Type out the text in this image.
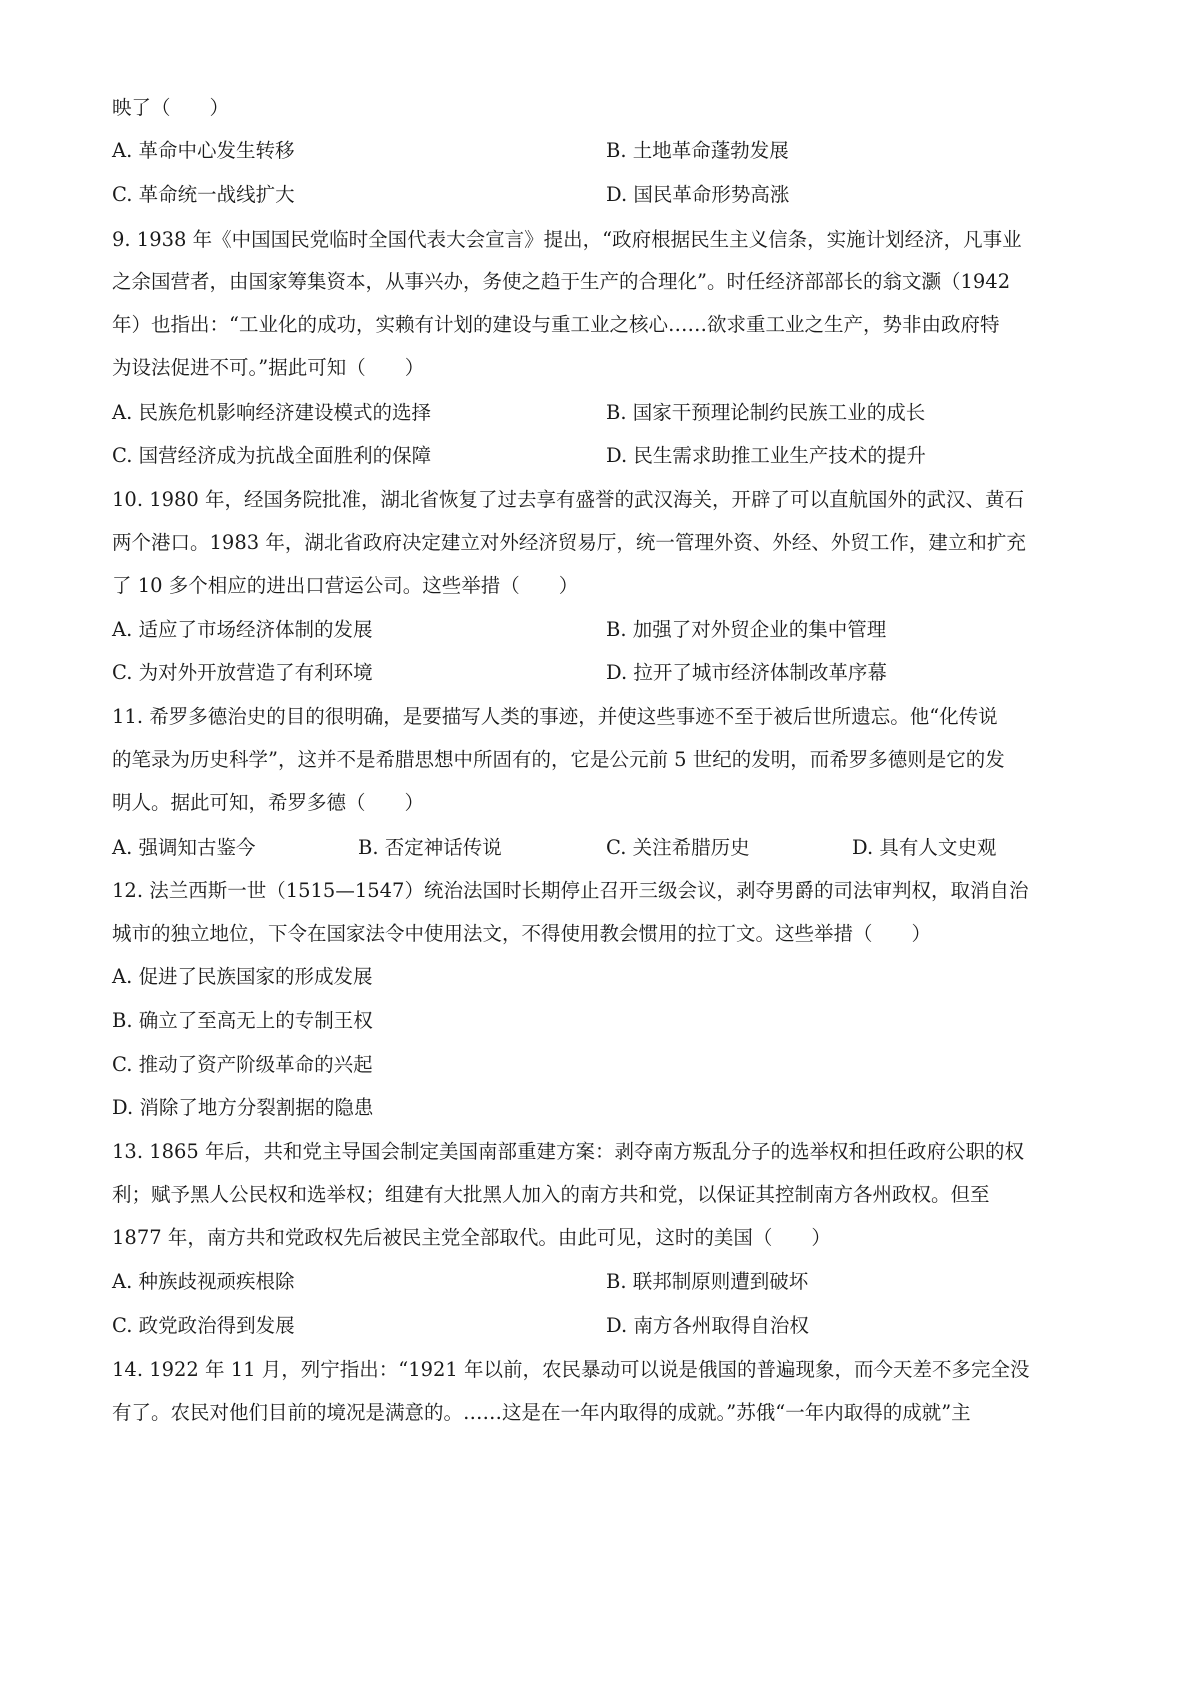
映了（　　）
A. 革命中心发生转移	B. 土地革命蓬勃发展
C. 革命统一战线扩大	D. 国民革命形势高涨
9. 1938 年《中国国民党临时全国代表大会宣言》提出，“政府根据民生主义信条，实施计划经济，凡事业
之余国营者，由国家筹集资本，从事兴办，务使之趋于生产的合理化”。时任经济部部长的翁文灏（1942
年）也指出：“工业化的成功，实赖有计划的建设与重工业之核心……欲求重工业之生产，势非由政府特
为设法促进不可。”据此可知（　　）
A. 民族危机影响经济建设模式的选择	B. 国家干预理论制约民族工业的成长
C. 国营经济成为抗战全面胜利的保障	D. 民生需求助推工业生产技术的提升
10. 1980 年，经国务院批准，湖北省恢复了过去享有盛誉的武汉海关，开辟了可以直航国外的武汉、黄石
两个港口。1983 年，湖北省政府决定建立对外经济贸易厅，统一管理外资、外经、外贸工作，建立和扩充
了 10 多个相应的进出口营运公司。这些举措（　　）
A. 适应了市场经济体制的发展	B. 加强了对外贸企业的集中管理
C. 为对外开放营造了有利环境	D. 拉开了城市经济体制改革序幕
11. 希罗多德治史的目的很明确，是要描写人类的事迹，并使这些事迹不至于被后世所遗忘。他“化传说
的笔录为历史科学”，这并不是希腊思想中所固有的，它是公元前 5 世纪的发明，而希罗多德则是它的发
明人。据此可知，希罗多德（　　）
A. 强调知古鉴今	B. 否定神话传说	C. 关注希腊历史	D. 具有人文史观
12. 法兰西斯一世（1515—1547）统治法国时长期停止召开三级会议，剥夺男爵的司法审判权，取消自治
城市的独立地位，下令在国家法令中使用法文，不得使用教会惯用的拉丁文。这些举措（　　）
A. 促进了民族国家的形成发展
B. 确立了至高无上的专制王权
C. 推动了资产阶级革命的兴起
D. 消除了地方分裂割据的隐患
13. 1865 年后，共和党主导国会制定美国南部重建方案：剥夺南方叛乱分子的选举权和担任政府公职的权
利；赋予黑人公民权和选举权；组建有大批黑人加入的南方共和党，以保证其控制南方各州政权。但至
1877 年，南方共和党政权先后被民主党全部取代。由此可见，这时的美国（　　）
A. 种族歧视顽疾根除	B. 联邦制原则遭到破坏
C. 政党政治得到发展	D. 南方各州取得自治权
14. 1922 年 11 月，列宁指出：“1921 年以前，农民暴动可以说是俄国的普遍现象，而今天差不多完全没
有了。农民对他们目前的境况是满意的。……这是在一年内取得的成就。”苏俄“一年内取得的成就”主
